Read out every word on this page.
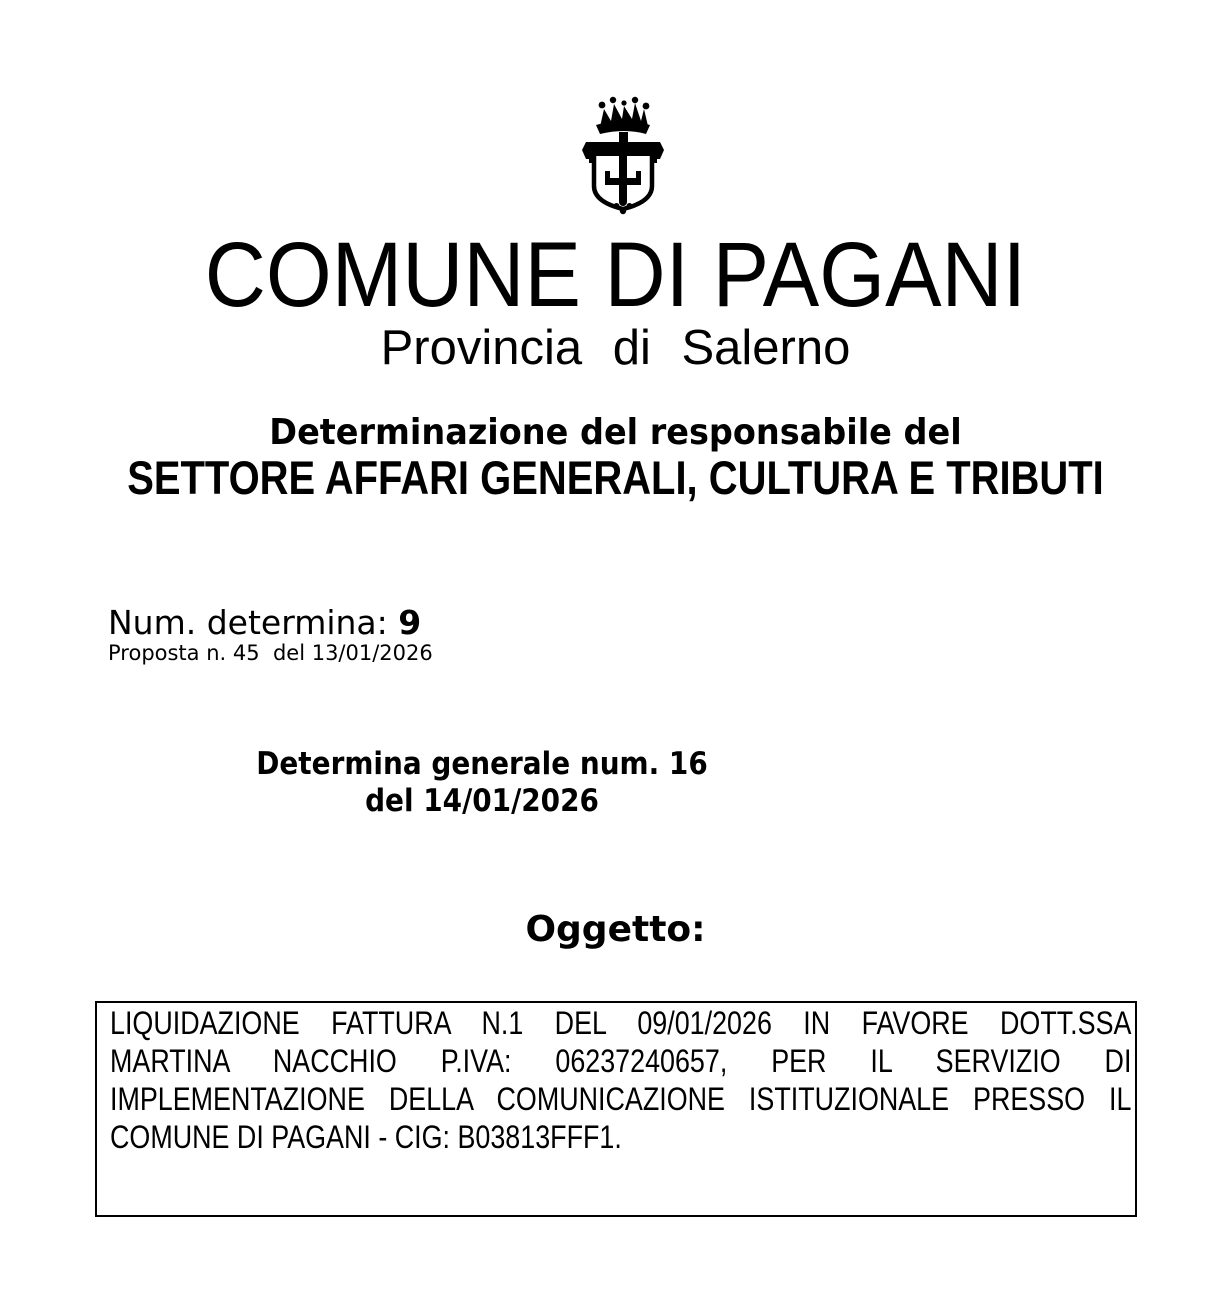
COMUNE DI PAGANI
Provincia di Salerno
Determinazione del responsabile del
SETTORE AFFARI GENERALI, CULTURA E TRIBUTI
Num. determina: 9
Proposta n. 45  del 13/01/2026
Determina generale num. 16
del 14/01/2026
Oggetto:
LIQUIDAZIONE FATTURA N.1 DEL 09/01/2026 IN FAVORE DOTT.SSA
MARTINA NACCHIO P.IVA: 06237240657, PER IL SERVIZIO DI
IMPLEMENTAZIONE DELLA COMUNICAZIONE ISTITUZIONALE PRESSO IL
COMUNE DI PAGANI - CIG: B03813FFF1.
